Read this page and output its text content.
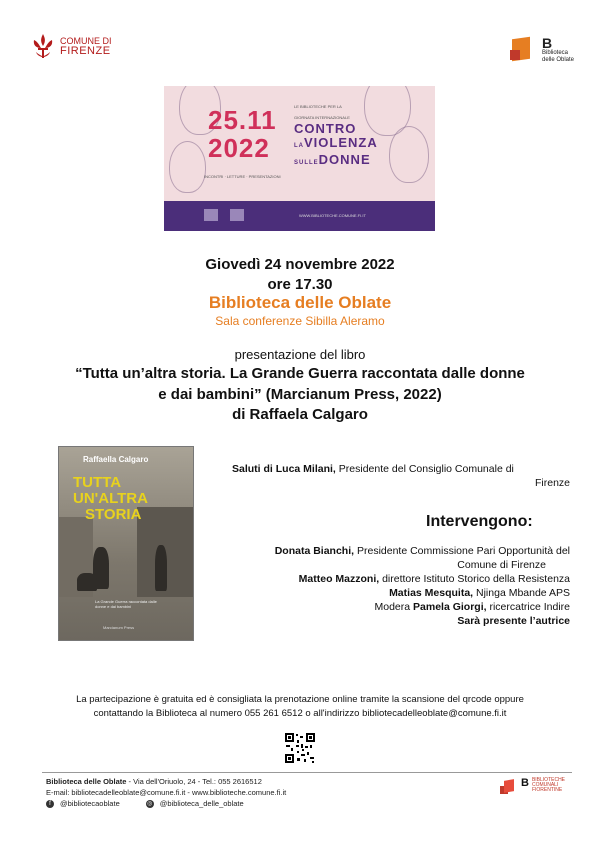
COMUNE DI
FIRENZE	B
Biblioteca
delle Oblate
25.11
2022
LE BIBLIOTECHE PER LA
GIORNATA INTERNAZIONALE
CONTRO
LAVIOLENZA
SULLEDONNE
INCONTRI · LETTURE · PRESENTAZIONI
WWW.BIBLIOTECHE.COMUNE.FI.IT
Giovedì 24 novembre 2022
ore 17.30
Biblioteca delle Oblate
Sala conferenze Sibilla Aleramo
presentazione del libro
“Tutta un’altra storia. La Grande Guerra raccontata dalle donne
e dai bambini” (Marcianum Press, 2022)
di Raffaela Calgaro
Raffaella Calgaro
TUTTA UN'ALTRA
STORIA
La Grande Guerra raccontata dalle donne e dai bambini
Marcianum Press
Saluti di Luca Milani, Presidente del Consiglio Comunale di
Firenze
Intervengono:
Donata Bianchi, Presidente Commissione Pari Opportunità del
Comune di Firenze
Matteo Mazzoni, direttore Istituto Storico della Resistenza
Matias Mesquita, Njinga Mbande APS
Modera Pamela Giorgi, ricercatrice Indire
Sarà presente l’autrice
La partecipazione è gratuita ed è consigliata la prenotazione online tramite la scansione del qrcode oppure
contattando la Biblioteca al numero 055 261 6512 o all'indirizzo bibliotecadelleoblate@comune.fi.it
Biblioteca delle Oblate - Via dell'Oriuolo, 24 - Tel.: 055 2616512
E-mail: bibliotecadelleoblate@comune.fi.it - www.biblioteche.comune.fi.it
f	@bibliotecaoblate	◎ @biblioteca_delle_oblate
B BIBLIOTECHE
COMUNALI
FIORENTINE
